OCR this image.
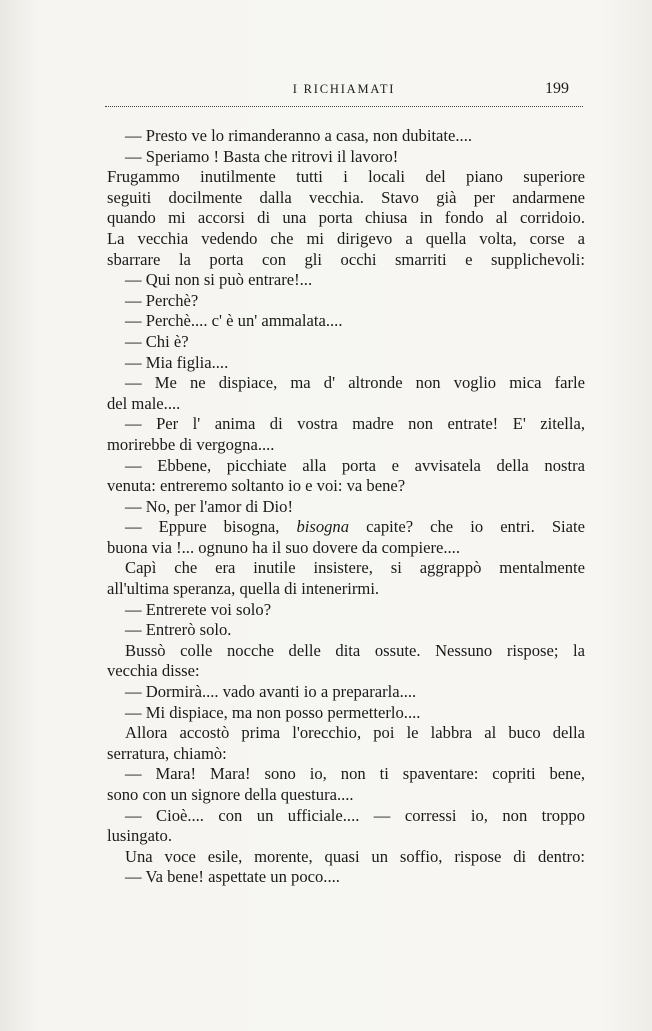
I RICHIAMATI	199
— Presto ve lo rimanderanno a casa, non dubitate....
— Speriamo ! Basta che ritrovi il lavoro!
Frugammo inutilmente tutti i locali del piano superiore
seguiti docilmente dalla vecchia. Stavo già per andarmene
quando mi accorsi di una porta chiusa in fondo al corridoio.
La vecchia vedendo che mi dirigevo a quella volta, corse a
sbarrare la porta con gli occhi smarriti e supplichevoli:
— Qui non si può entrare!...
— Perchè?
— Perchè.... c' è un' ammalata....
— Chi è?
— Mia figlia....
— Me ne dispiace, ma d' altronde non voglio mica farle
del male....
— Per l' anima di vostra madre non entrate! E' zitella,
morirebbe di vergogna....
— Ebbene, picchiate alla porta e avvisatela della nostra
venuta: entreremo soltanto io e voi: va bene?
— No, per l'amor di Dio!
— Eppure bisogna, bisogna capite? che io entri. Siate
buona via !... ognuno ha il suo dovere da compiere....
Capì che era inutile insistere, si aggrappò mentalmente
all'ultima speranza, quella di intenerirmi.
— Entrerete voi solo?
— Entrerò solo.
Bussò colle nocche delle dita ossute. Nessuno rispose; la
vecchia disse:
— Dormirà.... vado avanti io a prepararla....
— Mi dispiace, ma non posso permetterlo....
Allora accostò prima l'orecchio, poi le labbra al buco della
serratura, chiamò:
— Mara! Mara! sono io, non ti spaventare: copriti bene,
sono con un signore della questura....
— Cioè.... con un ufficiale.... — corressi io, non troppo
lusingato.
Una voce esile, morente, quasi un soffio, rispose di dentro:
— Va bene! aspettate un poco....
